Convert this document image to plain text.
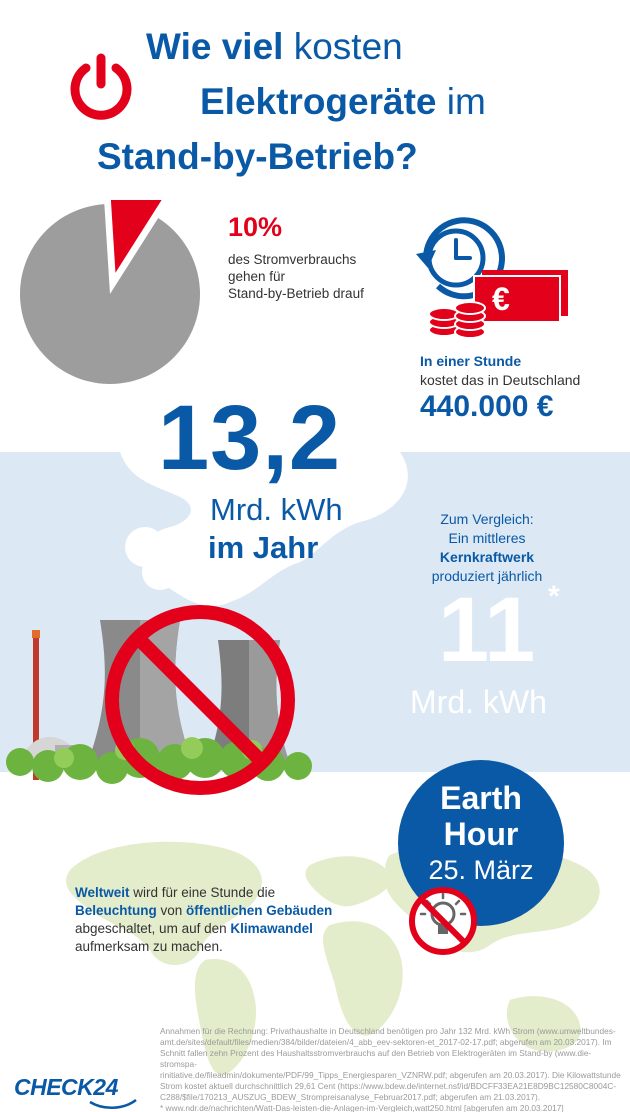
Wie viel kosten
Elektrogeräte im
Stand-by-Betrieb?
10%
des Stromverbrauchs
gehen für
Stand-by-Betrieb drauf	€
In einer Stunde
kostet das in Deutschland
440.000 €
13,2
Mrd. kWh
im Jahr
Zum Vergleich:
Ein mittleres
Kernkraftwerk
produziert jährlich
11 *
Mrd. kWh
Earth
Hour
25. März
Weltweit wird für eine Stunde die
Beleuchtung von öffentlichen Gebäuden
abgeschaltet, um auf den Klimawandel
aufmerksam zu machen.
Annahmen für die Rechnung: Privathaushalte in Deutschland benötigen pro Jahr 132 Mrd. kWh Strom (www.umweltbundes-
amt.de/sites/default/files/medien/384/bilder/dateien/4_abb_eev-sektoren-et_2017-02-17.pdf; abgerufen am 20.03.2017). Im
Schnitt fallen zehn Prozent des Haushaltsstromverbrauchs auf den Betrieb von Elektrogeräten im Stand-by (www.die-stromspa-
rinitiative.de/fileadmin/dokumente/PDF/99_Tipps_Energiesparen_VZNRW.pdf; abgerufen am 20.03.2017). Die Kilowattstunde
Strom kostet aktuell durchschnittlich 29,61 Cent (https://www.bdew.de/internet.nsf/id/BDCFF33EA21E8D9BC12580C8004C-
C288/$file/170213_AUSZUG_BDEW_Strompreisanalyse_Februar2017.pdf; abgerufen am 21.03.2017).
* www.ndr.de/nachrichten/Watt-Das-leisten-die-Anlagen-im-Vergleich,watt250.html [abgerufen am 20.03.2017]
CHECK24
